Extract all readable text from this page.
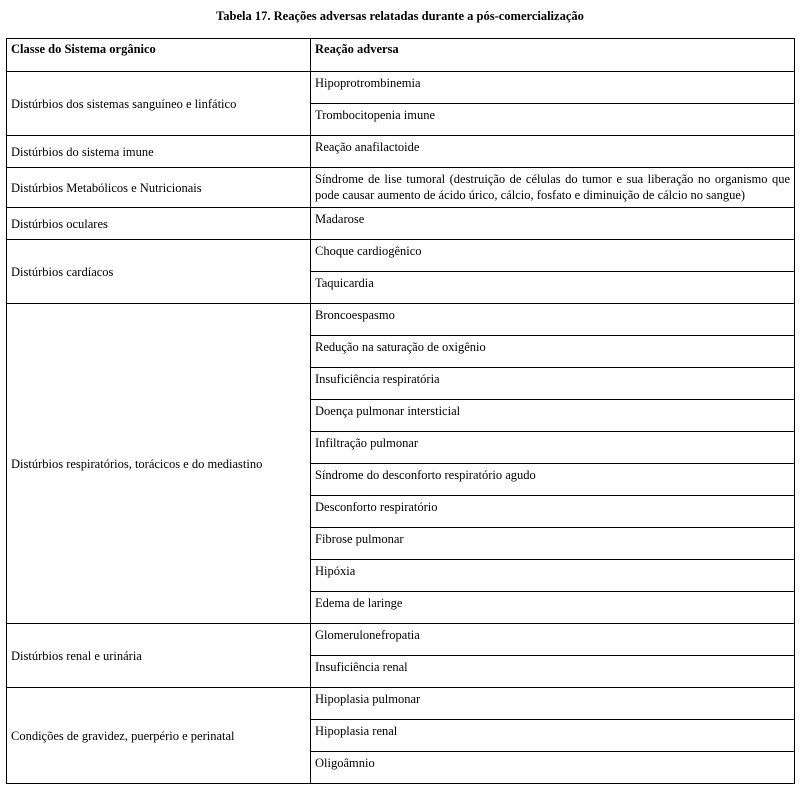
Tabela 17. Reações adversas relatadas durante a pós-comercialização
Classe do Sistema orgânico	Reação adversa
Distúrbios dos sistemas sanguíneo e linfático	Hipoprotrombinemia
	Trombocitopenia imune
Distúrbios do sistema imune	Reação anafilactoide
Distúrbios Metabólicos e Nutricionais	Síndrome de lise tumoral (destruição de células do tumor e sua liberação no organismo que pode causar aumento de ácido úrico, cálcio, fosfato e diminuição de cálcio no sangue)
Distúrbios oculares	Madarose
Distúrbios cardíacos	Choque cardiogênico
	Taquicardia
Distúrbios respiratórios, torácicos e do mediastino	Broncoespasmo
	Redução na saturação de oxigênio
	Insuficiência respiratória
	Doença pulmonar intersticial
	Infiltração pulmonar
	Síndrome do desconforto respiratório agudo
	Desconforto respiratório
	Fibrose pulmonar
	Hipóxia
	Edema de laringe
Distúrbios renal e urinária	Glomerulonefropatia
	Insuficiência renal
Condições de gravidez, puerpério e perinatal	Hipoplasia pulmonar
	Hipoplasia renal
	Oligoâmnio
